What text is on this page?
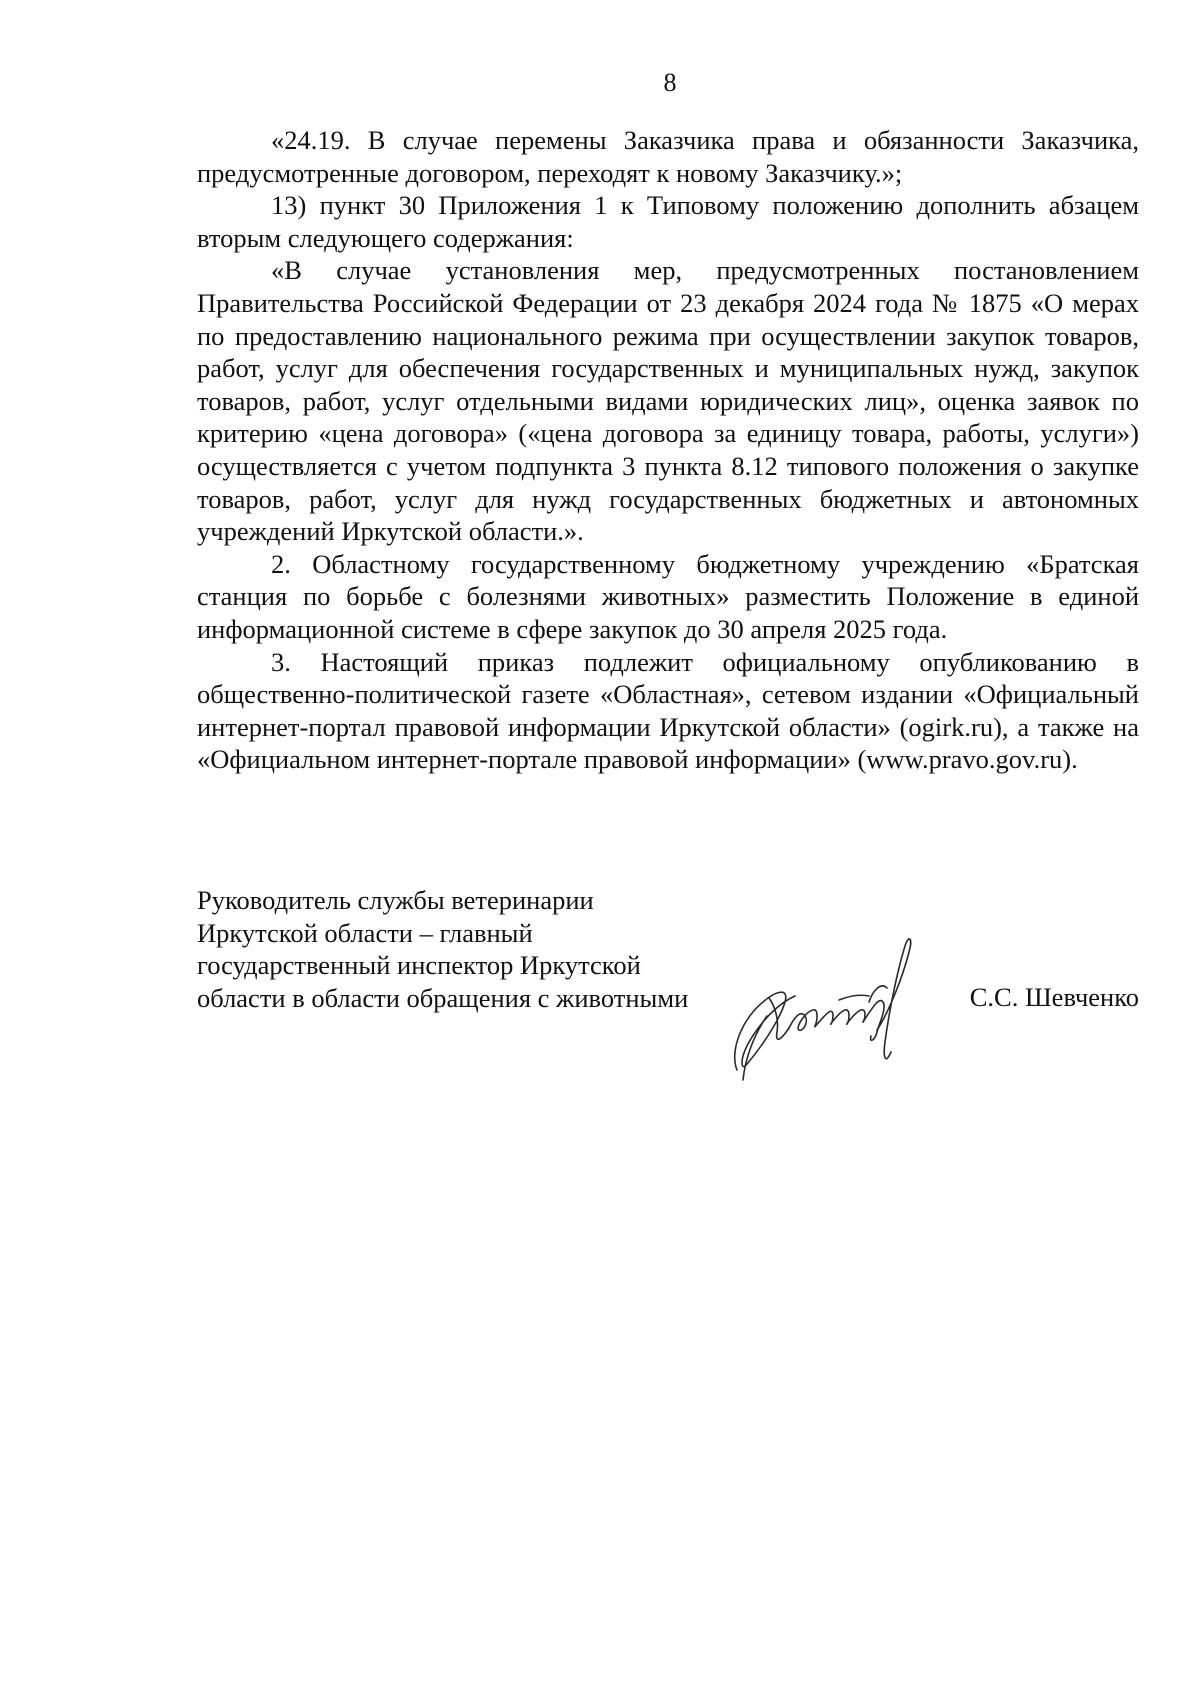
8

«24.19. В случае перемены Заказчика права и обязанности Заказчика, предусмотренные договором, переходят к новому Заказчику.»;

13) пункт 30 Приложения 1 к Типовому положению дополнить абзацем вторым следующего содержания:

«В случае установления мер, предусмотренных постановлением Правительства Российской Федерации от 23 декабря 2024 года № 1875 «О мерах по предоставлению национального режима при осуществлении закупок товаров, работ, услуг для обеспечения государственных и муниципальных нужд, закупок товаров, работ, услуг отдельными видами юридических лиц», оценка заявок по критерию «цена договора» («цена договора за единицу товара, работы, услуги») осуществляется с учетом подпункта 3 пункта 8.12 типового положения о закупке товаров, работ, услуг для нужд государственных бюджетных и автономных учреждений Иркутской области.».

2. Областному государственному бюджетному учреждению «Братская станция по борьбе с болезнями животных» разместить Положение в единой информационной системе в сфере закупок до 30 апреля 2025 года.

3. Настоящий приказ подлежит официальному опубликованию в общественно-политической газете «Областная», сетевом издании «Официальный интернет-портал правовой информации Иркутской области» (ogirk.ru), а также на «Официальном интернет-портале правовой информации» (www.pravo.gov.ru).

Руководитель службы ветеринарии
Иркутской области – главный
государственный инспектор Иркутской
области в области обращения с животными	С.С. Шевченко
